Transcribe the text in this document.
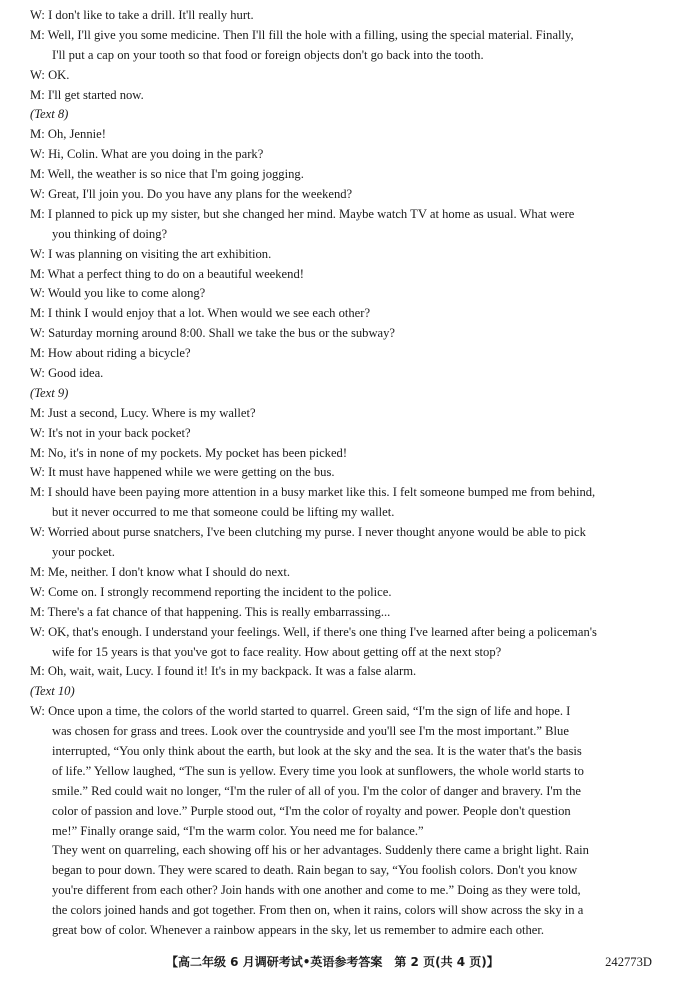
W: I don't like to take a drill. It'll really hurt.
M: Well, I'll give you some medicine. Then I'll fill the hole with a filling, using the special material. Finally,
I'll put a cap on your tooth so that food or foreign objects don't go back into the tooth.
W: OK.
M: I'll get started now.
(Text 8)
M: Oh, Jennie!
W: Hi, Colin. What are you doing in the park?
M: Well, the weather is so nice that I'm going jogging.
W: Great, I'll join you. Do you have any plans for the weekend?
M: I planned to pick up my sister, but she changed her mind. Maybe watch TV at home as usual. What were
you thinking of doing?
W: I was planning on visiting the art exhibition.
M: What a perfect thing to do on a beautiful weekend!
W: Would you like to come along?
M: I think I would enjoy that a lot. When would we see each other?
W: Saturday morning around 8:00. Shall we take the bus or the subway?
M: How about riding a bicycle?
W: Good idea.
(Text 9)
M: Just a second, Lucy. Where is my wallet?
W: It's not in your back pocket?
M: No, it's in none of my pockets. My pocket has been picked!
W: It must have happened while we were getting on the bus.
M: I should have been paying more attention in a busy market like this. I felt someone bumped me from behind,
but it never occurred to me that someone could be lifting my wallet.
W: Worried about purse snatchers, I've been clutching my purse. I never thought anyone would be able to pick
your pocket.
M: Me, neither. I don't know what I should do next.
W: Come on. I strongly recommend reporting the incident to the police.
M: There's a fat chance of that happening. This is really embarrassing...
W: OK, that's enough. I understand your feelings. Well, if there's one thing I've learned after being a policeman's
wife for 15 years is that you've got to face reality. How about getting off at the next stop?
M: Oh, wait, wait, Lucy. I found it! It's in my backpack. It was a false alarm.
(Text 10)
W: Once upon a time, the colors of the world started to quarrel. Green said, “I'm the sign of life and hope. I
was chosen for grass and trees. Look over the countryside and you'll see I'm the most important.” Blue
interrupted, “You only think about the earth, but look at the sky and the sea. It is the water that's the basis
of life.” Yellow laughed, “The sun is yellow. Every time you look at sunflowers, the whole world starts to
smile.” Red could wait no longer, “I'm the ruler of all of you. I'm the color of danger and bravery. I'm the
color of passion and love.” Purple stood out, “I'm the color of royalty and power. People don't question
me!” Finally orange said, “I'm the warm color. You need me for balance.”
They went on quarreling, each showing off his or her advantages. Suddenly there came a bright light. Rain
began to pour down. They were scared to death. Rain began to say, “You foolish colors. Don't you know
you're different from each other? Join hands with one another and come to me.” Doing as they were told,
the colors joined hands and got together. From then on, when it rains, colors will show across the sky in a
great bow of color. Whenever a rainbow appears in the sky, let us remember to admire each other.
【高二年级 6 月调研考试•英语参考答案　第 2 页(共 4 页)】	242773D
